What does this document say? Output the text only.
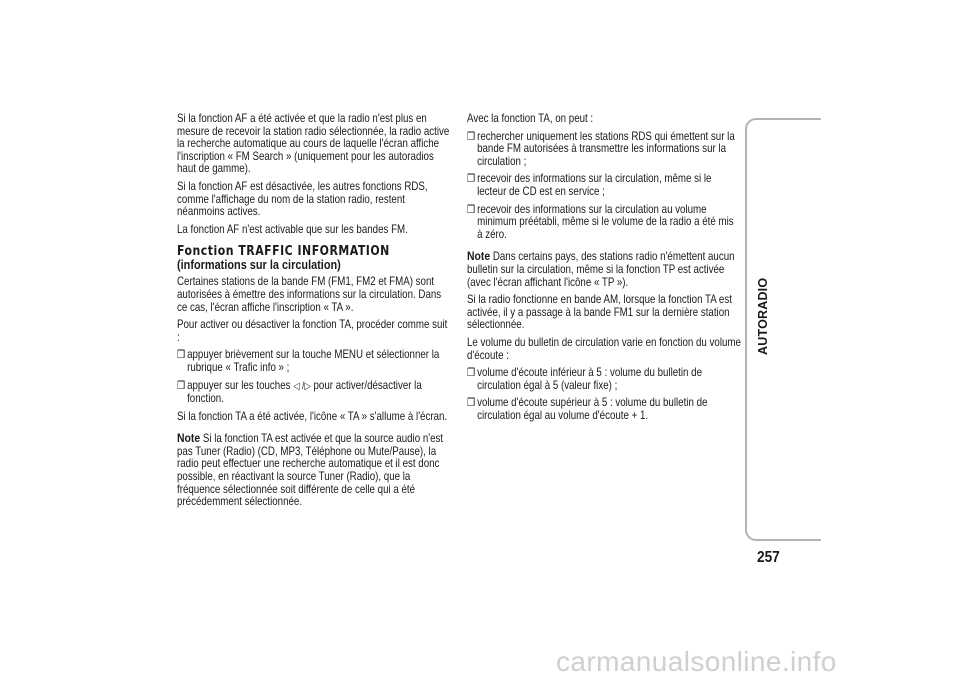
Si la fonction AF a été activée et que la radio n'est plus en mesure de recevoir la station radio sélectionnée, la radio active la recherche automatique au cours de laquelle l'écran affiche l'inscription « FM Search » (uniquement pour les autoradios haut de gamme).

Si la fonction AF est désactivée, les autres fonctions RDS, comme l'affichage du nom de la station radio, restent néanmoins actives.

La fonction AF n'est activable que sur les bandes FM.

Fonction TRAFFIC INFORMATION
(informations sur la circulation)

Certaines stations de la bande FM (FM1, FM2 et FMA) sont autorisées à émettre des informations sur la circulation. Dans ce cas, l'écran affiche l'inscription « TA ».

Pour activer ou désactiver la fonction TA, procéder comme suit :

❒ appuyer brièvement sur la touche MENU et sélectionner la rubrique « Trafic info » ;
❒ appuyer sur les touches ◁ /▷ pour activer/désactiver la fonction.

Si la fonction TA a été activée, l'icône « TA » s'allume à l'écran.

Note Si la fonction TA est activée et que la source audio n'est pas Tuner (Radio) (CD, MP3, Téléphone ou Mute/Pause), la radio peut effectuer une recherche automatique et il est donc possible, en réactivant la source Tuner (Radio), que la fréquence sélectionnée soit différente de celle qui a été précédemment sélectionnée.

Avec la fonction TA, on peut :

❒ rechercher uniquement les stations RDS qui émettent sur la bande FM autorisées à transmettre les informations sur la circulation ;
❒ recevoir des informations sur la circulation, même si le lecteur de CD est en service ;
❒ recevoir des informations sur la circulation au volume minimum préétabli, même si le volume de la radio a été mis à zéro.

Note Dans certains pays, des stations radio n'émettent aucun bulletin sur la circulation, même si la fonction TP est activée (avec l'écran affichant l'icône « TP »).

Si la radio fonctionne en bande AM, lorsque la fonction TA est activée, il y a passage à la bande FM1 sur la dernière station sélectionnée.

Le volume du bulletin de circulation varie en fonction du volume d'écoute :

❒ volume d'écoute inférieur à 5 : volume du bulletin de circulation égal à 5 (valeur fixe) ;
❒ volume d'écoute supérieur à 5 : volume du bulletin de circulation égal au volume d'écoute + 1.
AUTORADIO
257
carmanualsonline.info
